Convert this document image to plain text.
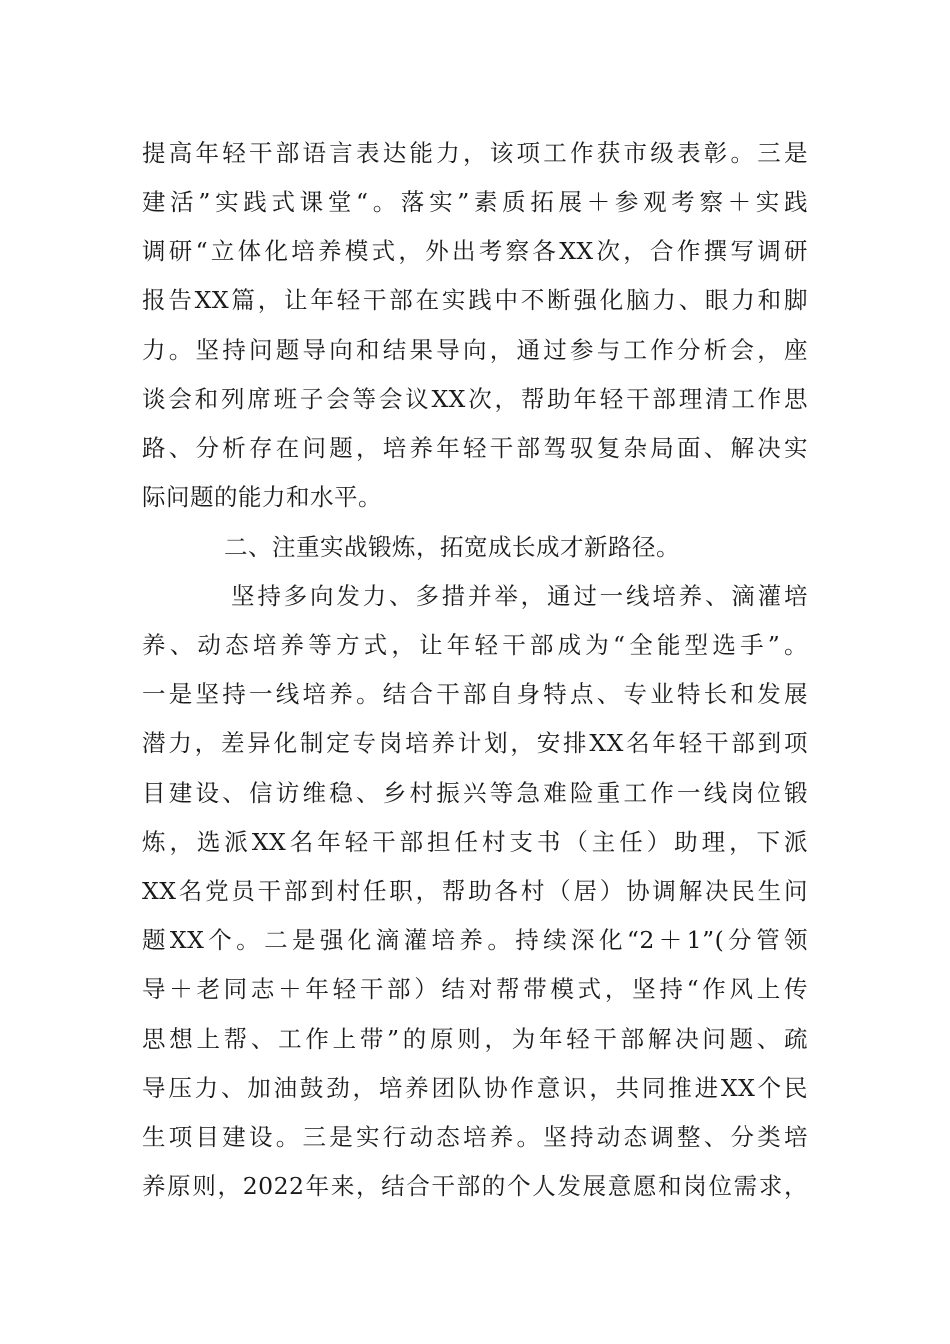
提高年轻干部语言表达能力，该项工作获市级表彰。三是
建活”实践式课堂“。落实”素质拓展＋参观考察＋实践
调研“立体化培养模式，外出考察各XX次，合作撰写调研
报告XX篇，让年轻干部在实践中不断强化脑力、眼力和脚
力。坚持问题导向和结果导向，通过参与工作分析会，座
谈会和列席班子会等会议XX次，帮助年轻干部理清工作思
路、分析存在问题，培养年轻干部驾驭复杂局面、解决实
际问题的能力和水平。
二、注重实战锻炼，拓宽成长成才新路径。
坚持多向发力、多措并举，通过一线培养、滴灌培
养、动态培养等方式，让年轻干部成为“全能型选手”。
一是坚持一线培养。结合干部自身特点、专业特长和发展
潜力，差异化制定专岗培养计划，安排XX名年轻干部到项
目建设、信访维稳、乡村振兴等急难险重工作一线岗位锻
炼，选派XX名年轻干部担任村支书（主任）助理，下派
XX名党员干部到村任职，帮助各村（居）协调解决民生问
题XX个。二是强化滴灌培养。持续深化“2＋1”(分管领
导＋老同志＋年轻干部）结对帮带模式，坚持“作风上传
思想上帮、工作上带”的原则，为年轻干部解决问题、疏
导压力、加油鼓劲，培养团队协作意识，共同推进XX个民
生项目建设。三是实行动态培养。坚持动态调整、分类培
养原则，2022年来，结合干部的个人发展意愿和岗位需求，
